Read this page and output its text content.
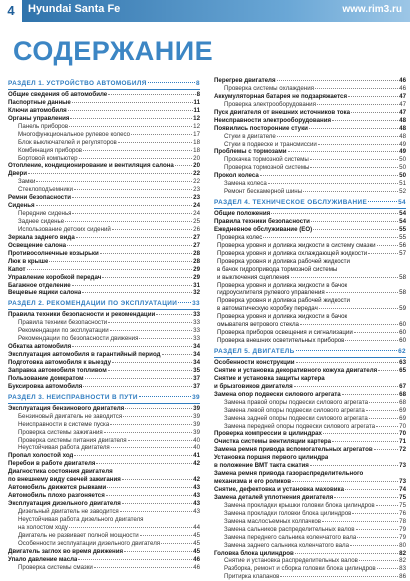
4	Hyundai Santa Fe	www.rim3.ru
СОДЕРЖАНИЕ
РАЗДЕЛ 1. УСТРОЙСТВО АВТОМОБИЛЯ	8
Общие сведения об автомобиле	8
Паспортные данные	11
Ключи автомобиля	11
Органы управления	12
Панель приборов	12
Многофункциональное рулевое колесо	17
Блок выключателей и регуляторов	18
Комбинация приборов	18
Бортовой компьютер	20
Отопление, кондиционирование и вентиляция салона	20
Двери	22
Замки	22
Стеклоподъемники	23
Ремни безопасности	23
Сиденья	24
Передние сиденья	24
Заднее сиденье	25
Использование детских сидений	26
Зеркала заднего вида	27
Освещение салона	27
Противосолнечные козырьки	28
Люк в крыше	28
Капот	29
Управление коробкой передач	29
Багажное отделение	31
Вещевые ящики салона	32
РАЗДЕЛ 2. РЕКОМЕНДАЦИИ ПО ЭКСПЛУАТАЦИИ 33
Правила техники безопасности и рекомендации	33
Правила техники безопасности	33
Рекомендации по эксплуатации	33
Рекомендации по безопасности движения	33
Обкатка автомобиля	34
Эксплуатация автомобиля в гарантийный период	34
Подготовка автомобиля к выезду	34
Заправка автомобиля топливом	35
Пользование домкратом	37
Буксировка автомобиля	37
РАЗДЕЛ 3. НЕИСПРАВНОСТИ В ПУТИ	39
Эксплуатация бензинового двигателя	39
Бензиновый двигатель не заводится	39
Неисправности в системе пуска	39
Проверка системы зажигания	39
Проверка системы питания двигателя	40
Неустойчивая работа двигателя	40
Пропал холостой ход	41
Перебои в работе двигателя	42
Диагностика состояния двигателя
по внешнему виду свечей зажигания	42
Автомобиль движется рывками	43
Автомобиль плохо разгоняется	43
Эксплуатация дизельного двигателя	43
Дизельный двигатель не заводится	43
Неустойчивая работа дизельного двигателя
на холостом ходу	44
Двигатель не развивает полной мощности	45
Особенности эксплуатации дизельного двигателя	45
Двигатель заглох во время движения	45
Упало давление масла	46
Проверка системы смазки	46
Перегрев двигателя	46
Проверка системы охлаждения	46
Аккумуляторная батарея не подзаряжается	47
Проверка электрооборудования	47
Пуск двигателя от внешних источников тока	47
Неисправности электрооборудования	48
Появились посторонние стуки	48
Стуки в двигателе	48
Стуки в подвеске и трансмиссии	49
Проблемы с тормозами	49
Прокачка тормозной системы	50
Проверка тормозной системы	50
Прокол колеса	50
Замена колеса	51
Ремонт бескамерной шины	52
РАЗДЕЛ 4. ТЕХНИЧЕСКОЕ ОБСЛУЖИВАНИЕ	54
Общие положения	54
Правила техники безопасности	54
Ежедневное обслуживание (ЕО)	55
Проверка колес	55
Проверка уровня и доливка жидкости в систему смазки	56
Проверка уровня и доливка охлаждающей жидкости	57
Проверка уровня и доливка рабочей жидкости
в бачок гидропривода тормозной системы
и выключения сцепления	58
Проверка уровня и доливка жидкости в бачок
гидроусилителя рулевого управления	58
Проверка уровня и доливка рабочей жидкости
в автоматическую коробку передач	59
Проверка уровня и доливка жидкости в бачок
омывателя ветрового стекла	60
Проверка приборов освещения и сигнализации	60
Проверка внешних осветительных приборов	60
РАЗДЕЛ 5. ДВИГАТЕЛЬ	62
Особенности конструкции	63
Снятие и установка декоративного кожуха двигателя	65
Снятие и установка защиты картера
и брызговиков двигателя	67
Замена опор подвески силового агрегата	68
Замена правой опоры подвески силового агрегата	68
Замена левой опоры подвески силового агрегата	69
Замена задней опоры подвески силового агрегата	69
Замена передней опоры подвески силового агрегата	70
Проверка компрессии в цилиндрах	70
Очистка системы вентиляции картера	71
Замена ремня привода вспомогательных агрегатов	72
Установка поршня первого цилиндра
в положение ВМТ такта сжатия	73
Замена ремня привода газораспределительного
механизма и его роликов	73
Снятие, дефектовка и установка маховика	74
Замена деталей уплотнения двигателя	75
Замена прокладки крышки головки блока цилиндров	75
Замена прокладки головки блока цилиндров	76
Замена маслосъемных колпачков	78
Замена сальников распределительных валов	79
Замена переднего сальника коленчатого вала	79
Замена заднего сальника коленчатого вала	80
Головка блока цилиндров	82
Снятие и установка распределительных валов	82
Разборка, ремонт и сборка головки блока цилиндров	83
Притирка клапанов	86
